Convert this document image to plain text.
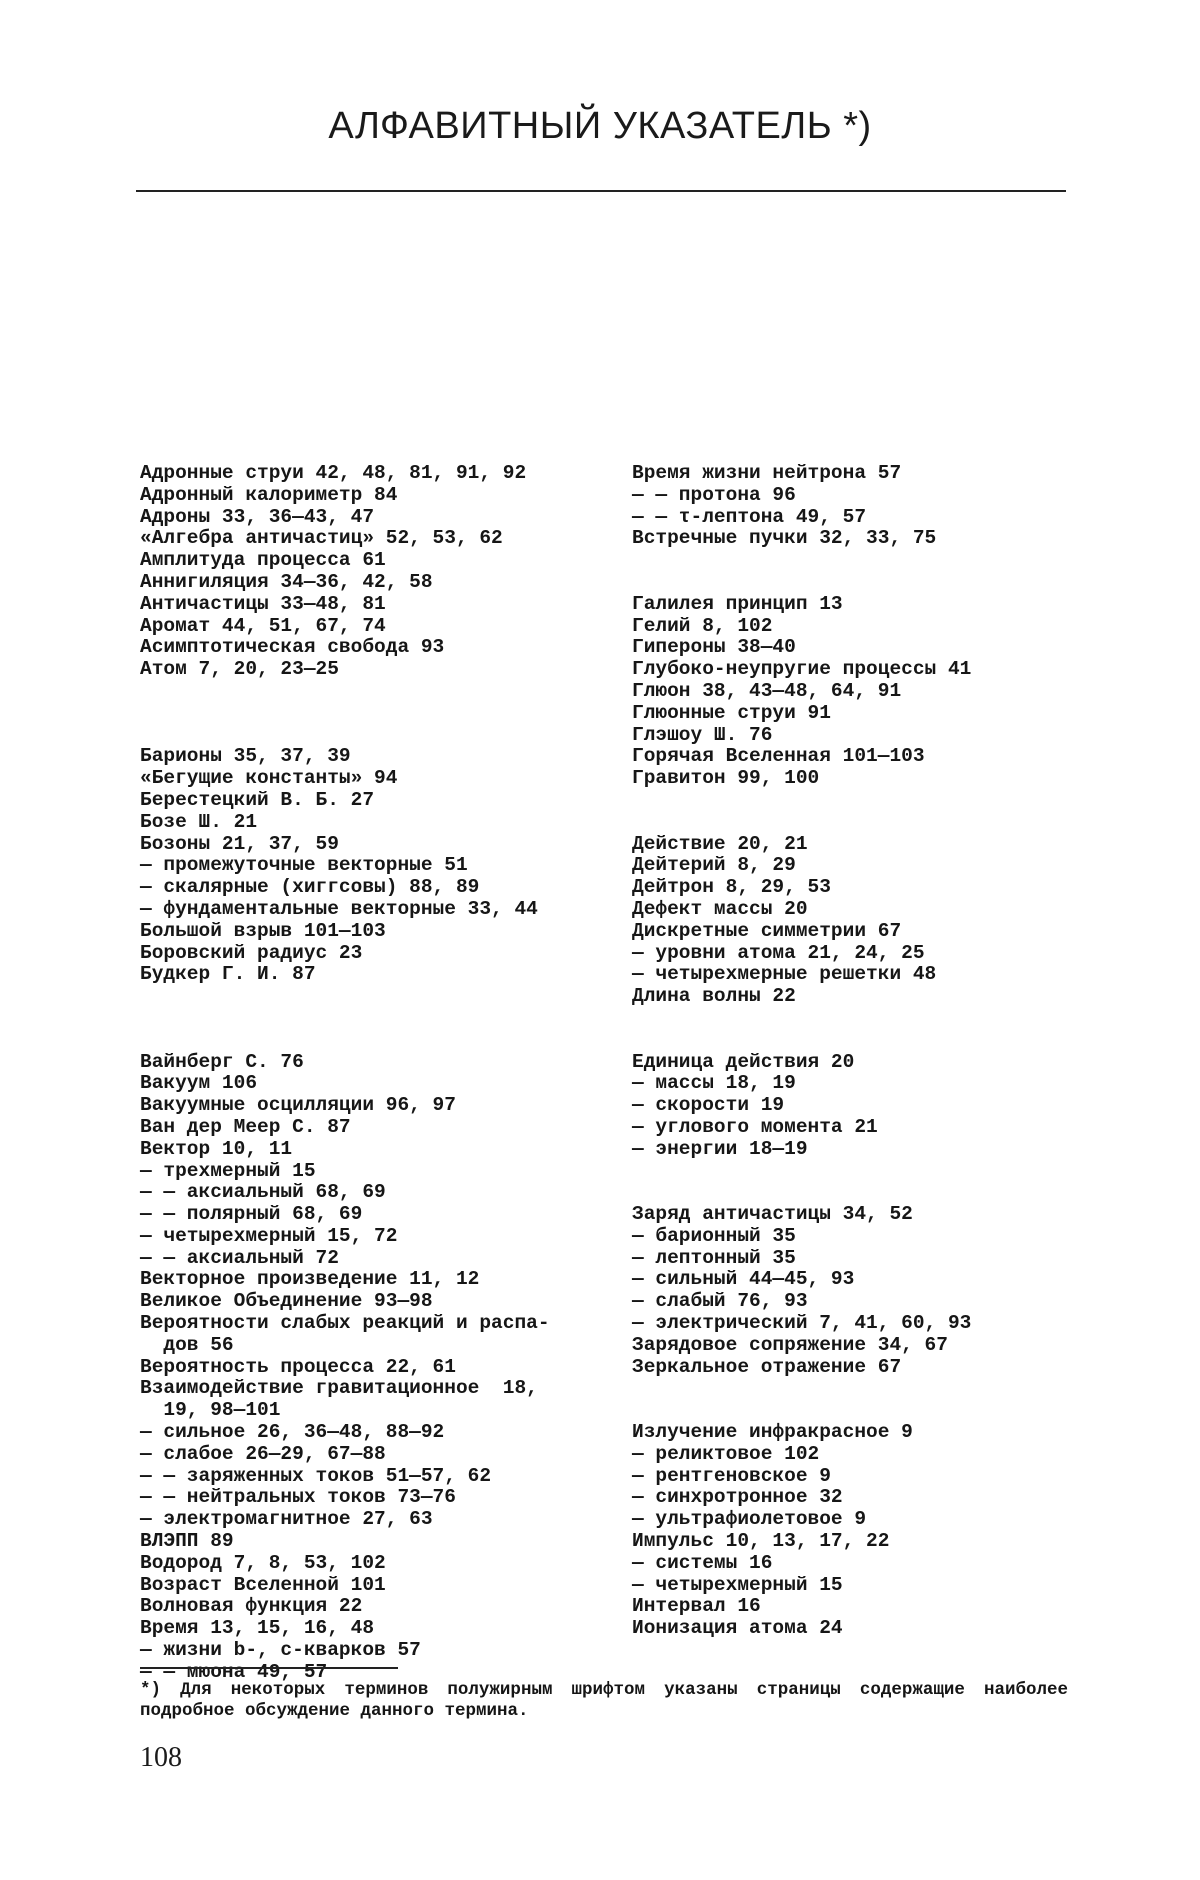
АЛФАВИТНЫЙ УКАЗАТЕЛЬ *)
Адронные струи 42, 48, 81, 91, 92
Адронный калориметр 84
Адроны 33, 36—43, 47
«Алгебра античастиц» 52, 53, 62
Амплитуда процесса 61
Аннигиляция 34—36, 42, 58
Античастицы 33—48, 81
Аромат 44, 51, 67, 74
Асимптотическая свобода 93
Атом 7, 20, 23—25
Барионы 35, 37, 39
«Бегущие константы» 94
Берестецкий В. Б. 27
Бозе Ш. 21
Бозоны 21, 37, 59
— промежуточные векторные 51
— скалярные (хиггсовы) 88, 89
— фундаментальные векторные 33, 44
Большой взрыв 101—103
Боровский радиус 23
Будкер Г. И. 87
Вайнберг С. 76
Вакуум 106
Вакуумные осцилляции 96, 97
Ван дер Меер С. 87
Вектор 10, 11
— трехмерный 15
— — аксиальный 68, 69
— — полярный 68, 69
— четырехмерный 15, 72
— — аксиальный 72
Векторное произведение 11, 12
Великое Объединение 93—98
Вероятности слабых реакций и распа-
дов 56
Вероятность процесса 22, 61
Взаимодействие гравитационное  18,
19, 98—101
— сильное 26, 36—48, 88—92
— слабое 26—29, 67—88
— — заряженных токов 51—57, 62
— — нейтральных токов 73—76
— электромагнитное 27, 63
ВЛЭПП 89
Водород 7, 8, 53, 102
Возраст Вселенной 101
Волновая функция 22
Время 13, 15, 16, 48
— жизни b-, c-кварков 57
— — мюона 49, 57
Время жизни нейтрона 57
— — протона 96
— — τ-лептона 49, 57
Встречные пучки 32, 33, 75
Галилея принцип 13
Гелий 8, 102
Гипероны 38—40
Глубоко-неупругие процессы 41
Глюон 38, 43—48, 64, 91
Глюонные струи 91
Глэшоу Ш. 76
Горячая Вселенная 101—103
Гравитон 99, 100
Действие 20, 21
Дейтерий 8, 29
Дейтрон 8, 29, 53
Дефект массы 20
Дискретные симметрии 67
— уровни атома 21, 24, 25
— четырехмерные решетки 48
Длина волны 22
Единица действия 20
— массы 18, 19
— скорости 19
— углового момента 21
— энергии 18—19
Заряд античастицы 34, 52
— барионный 35
— лептонный 35
— сильный 44—45, 93
— слабый 76, 93
— электрический 7, 41, 60, 93
Зарядовое сопряжение 34, 67
Зеркальное отражение 67
Излучение инфракрасное 9
— реликтовое 102
— рентгеновское 9
— синхротронное 32
— ультрафиолетовое 9
Импульс 10, 13, 17, 22
— системы 16
— четырехмерный 15
Интервал 16
Ионизация атома 24
*) Для некоторых терминов полужирным шрифтом указаны страницы содержащие наиболее подробное обсуждение данного термина.
108
